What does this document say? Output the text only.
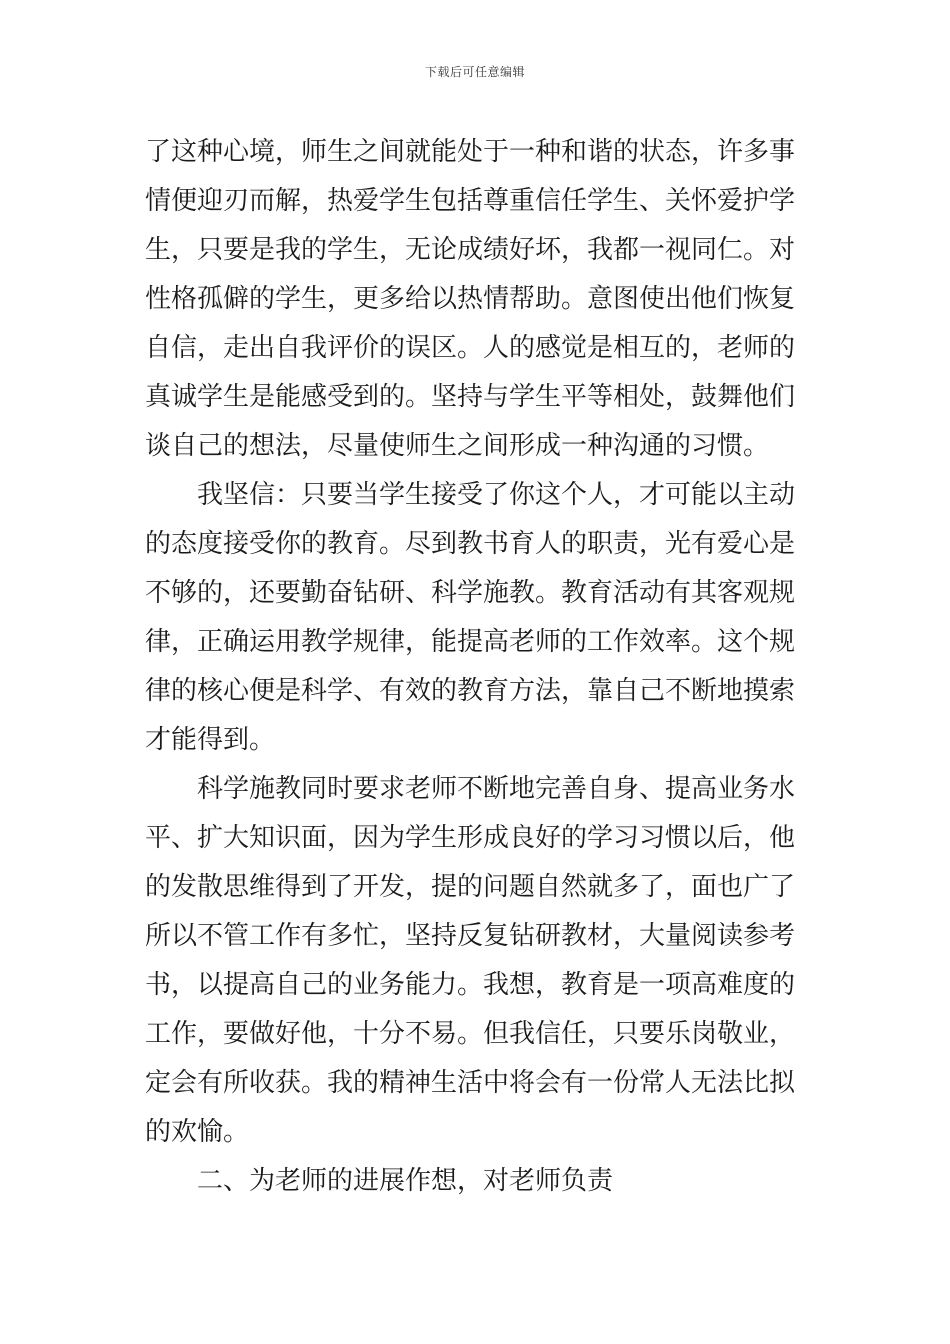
下载后可任意编辑
了这种心境，师生之间就能处于一种和谐的状态，许多事
情便迎刃而解，热爱学生包括尊重信任学生、关怀爱护学
生，只要是我的学生，无论成绩好坏，我都一视同仁。对
性格孤僻的学生，更多给以热情帮助。意图使出他们恢复
自信，走出自我评价的误区。人的感觉是相互的，老师的
真诚学生是能感受到的。坚持与学生平等相处，鼓舞他们
谈自己的想法，尽量使师生之间形成一种沟通的习惯。
我坚信：只要当学生接受了你这个人，才可能以主动
的态度接受你的教育。尽到教书育人的职责，光有爱心是
不够的，还要勤奋钻研、科学施教。教育活动有其客观规
律，正确运用教学规律，能提高老师的工作效率。这个规
律的核心便是科学、有效的教育方法，靠自己不断地摸索
才能得到。
科学施教同时要求老师不断地完善自身、提高业务水
平、扩大知识面，因为学生形成良好的学习习惯以后，他
的发散思维得到了开发，提的问题自然就多了，面也广了
所以不管工作有多忙，坚持反复钻研教材，大量阅读参考
书，以提高自己的业务能力。我想，教育是一项高难度的
工作，要做好他，十分不易。但我信任，只要乐岗敬业，
定会有所收获。我的精神生活中将会有一份常人无法比拟
的欢愉。
二、为老师的进展作想，对老师负责
